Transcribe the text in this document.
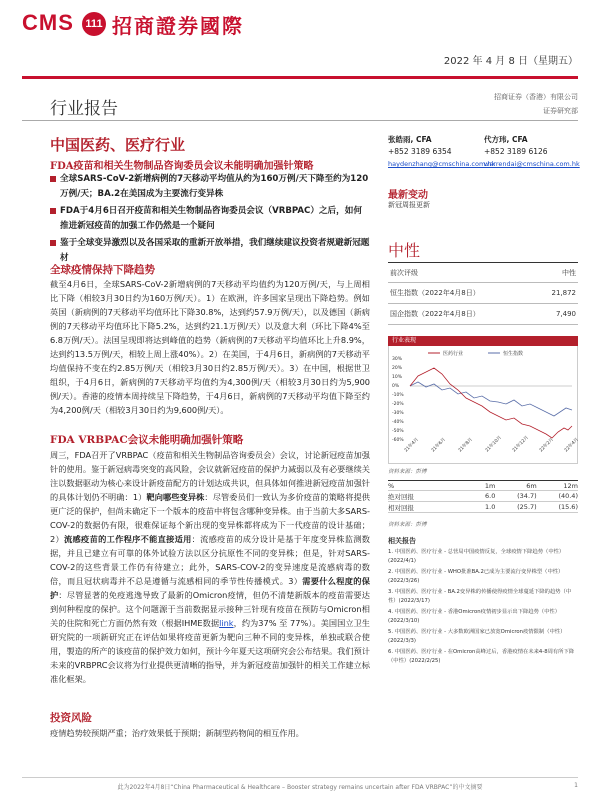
CMS	111 招商證券國際
2022 年 4 月 8 日（星期五）
行业报告
招商证券（香港）有限公司
证券研究部
中国医药、医疗行业
FDA疫苗和相关生物制品咨询委员会议未能明确加强针策略

全球SARS-CoV-2新增病例的7天移动平均值从约为160万例/天下降至约为120万例/天；BA.2在美国成为主要流行变异株

FDA于4月6日召开疫苗和相关生物制品咨询委员会议（VRBPAC）之后，如何推进新冠疫苗的加强工作仍然是一个疑问

鉴于全球变异激烈以及各国采取的重新开放举措，我们继续建议投资者规避新冠题材

全球疫情保持下降趋势
截至4月6日，全球SARS-CoV-2新增病例的7天移动平均值约为120万例/天，与上周相比下降（相较3月30日约为160万例/天）。1）在欧洲，许多国家呈现出下降趋势。例如英国（新病例的7天移动平均值环比下降30.8%，达到约57.9万例/天），以及德国（新病例的7天移动平均值环比下降5.2%，达到约21.1万例/天）以及意大利（环比下降4%至6.8万例/天）。法国呈现即将达到峰值的趋势（新病例的7天移动平均值环比上升8.9%，达到约13.5万例/天，相较上周上涨40%）。2）在美国，于4月6日，新病例的7天移动平均值保持不变在约2.85万例/天（相较3月30日约2.85万例/天）。3）在中国，根据世卫组织，于4月6日，新病例的7天移动平均值约为4,300例/天（相较3月30日约为5,900例/天）。香港的疫情本周持续呈下降趋势，于4月6日，新病例的7天移动平均值下降至约为4,200例/天（相较3月30日约为9,600例/天）。
FDA VRBPAC会议未能明确加强针策略
周三，FDA召开了VRBPAC（疫苗和相关生物制品咨询委员会）会议，讨论新冠疫苗加强针的使用。鉴于新冠病毒突变的高风险，会议就新冠疫苗的保护力减弱以及有必要继续关注以数据驱动为核心来设计新疫苗配方的计划达成共识，但具体如何推进新冠疫苗加强针的具体计划仍不明确：1）靶向哪些变异株：尽管委员们一致认为多价疫苗的策略将提供更广泛的保护，但尚未确定下一个版本的疫苗中将包含哪种变异株。由于当前大多SARS-COV-2的数据仍有限，很难保证每个新出现的变异株都将成为下一代疫苗的设计基础；2）流感疫苗的工作程序不能直接适用：流感疫苗的成分设计是基于年度变异株监测数据，并且已建立有可靠的体外试验方法以区分抗原性不同的变异株；但是，针对SARS-COV-2的这些背景工作仍有待建立；此外，SARS-COV-2的变异速度是流感病毒的数倍，而且冠状病毒并不总是遵循与流感相同的季节性传播模式。3）需要什么程度的保护：尽管显著的免疫逃逸导致了最新的Omicron疫情，但仍不清楚新版本的疫苗需要达到何种程度的保护。这个问题源于当前数据显示接种三针现有疫苗在预防与Omicron相关的住院和死亡方面仍然有效（根据IHME数据link，约为37% 至 77%）。美国国立卫生研究院的一项新研究正在评估如果将疫苗更新为靶向三种不同的变异株，单独或联合使用，製造的所产的该疫苗的保护效力如何，预计今年夏天这项研究会公布结果。我们预计未来的VRBPRC会议将为行业提供更清晰的指导，并为新冠疫苗加强针的相关工作建立标准化框架。
投资风险
疫情趋势较预期严重；治疗效果低于预期；新制型药物间的相互作用。
张皓雨, CFA
+852 3189 6354
haydenzhang@cmschina.com.hk
代方玮, CFA
+852 3189 6126
warrendai@cmschina.com.hk
最新变动
新冠周报更新
中性
前次评级	中性
恒生指数（2022年4月8日）	21,872
国企指数（2022年4月8日）	7,490
行业表现
医药行业	恒生指数
30%
20%
10%
0%
-10%
-20%
-30%
-40%
-50%
-60% 21年4月	21年6月	21年8月	21年10月	21年12月	22年2月	22年4月
资料来源：彭博
%	1m	6m	12m
绝对回报	6.0	(34.7)	(40.4)
相对回报	1.0	(25.7)	(15.6)
资料来源：彭博
相关报告
1. 中国医药、医疗行业 - 总营局中国疫情反复，全球疫情下降趋势（中性）(2022/4/1)
2. 中国医药、医疗行业 - WHO批准BA.2已成为主要流行变异株型（中性）(2022/3/26)
3. 中国医药、医疗行业 - BA.2变异株的传播使得疫情全球蔓延下降的趋势（中性）(2022/3/17)
4. 中国医药、医疗行业 - 香港Omicron疫情初步显示出下降趋势（中性）(2022/3/10)
5. 中国医药、医疗行业 - 大多数欧洲国家已放宽Omicron疫情限制（中性）(2022/3/3)
6. 中国医药、医疗行业 - 在Omicron高峰过后，香港疫情在未来4-8周有所下降（中性）(2022/2/25)
此为2022年4月8日“China Pharmaceutical & Healthcare – Booster strategy remains uncertain after FDA VRBPAC”的中文摘要	1
